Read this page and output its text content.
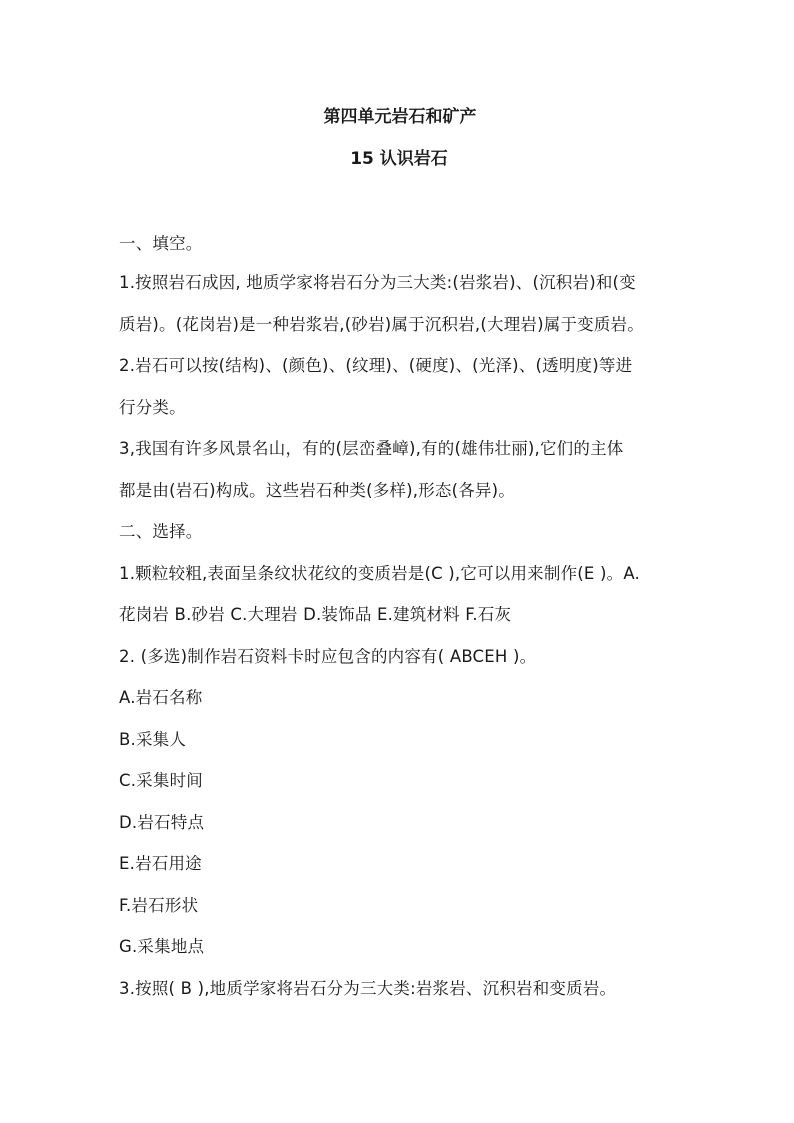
第四单元岩石和矿产
15 认识岩石
一、填空。
1.按照岩石成因, 地质学家将岩石分为三大类:(岩浆岩)、(沉积岩)和(变
质岩)。(花岗岩)是一种岩浆岩,(砂岩)属于沉积岩,(大理岩)属于变质岩。
2.岩石可以按(结构)、(颜色)、(纹理)、(硬度)、(光泽)、(透明度)等进
行分类。
3,我国有许多风景名山，有的(层峦叠嶂),有的(雄伟壮丽),它们的主体
都是由(岩石)构成。这些岩石种类(多样),形态(各异)。
二、选择。
1.颗粒较粗,表面呈条纹状花纹的变质岩是(C ),它可以用来制作(E )。A.
花岗岩 B.砂岩 C.大理岩 D.装饰品 E.建筑材料 F.石灰
2. (多选)制作岩石资料卡时应包含的内容有( ABCEH )。
A.岩石名称
B.采集人
C.采集时间
D.岩石特点
E.岩石用途
F.岩石形状
G.采集地点
3.按照( B ),地质学家将岩石分为三大类:岩浆岩、沉积岩和变质岩。
